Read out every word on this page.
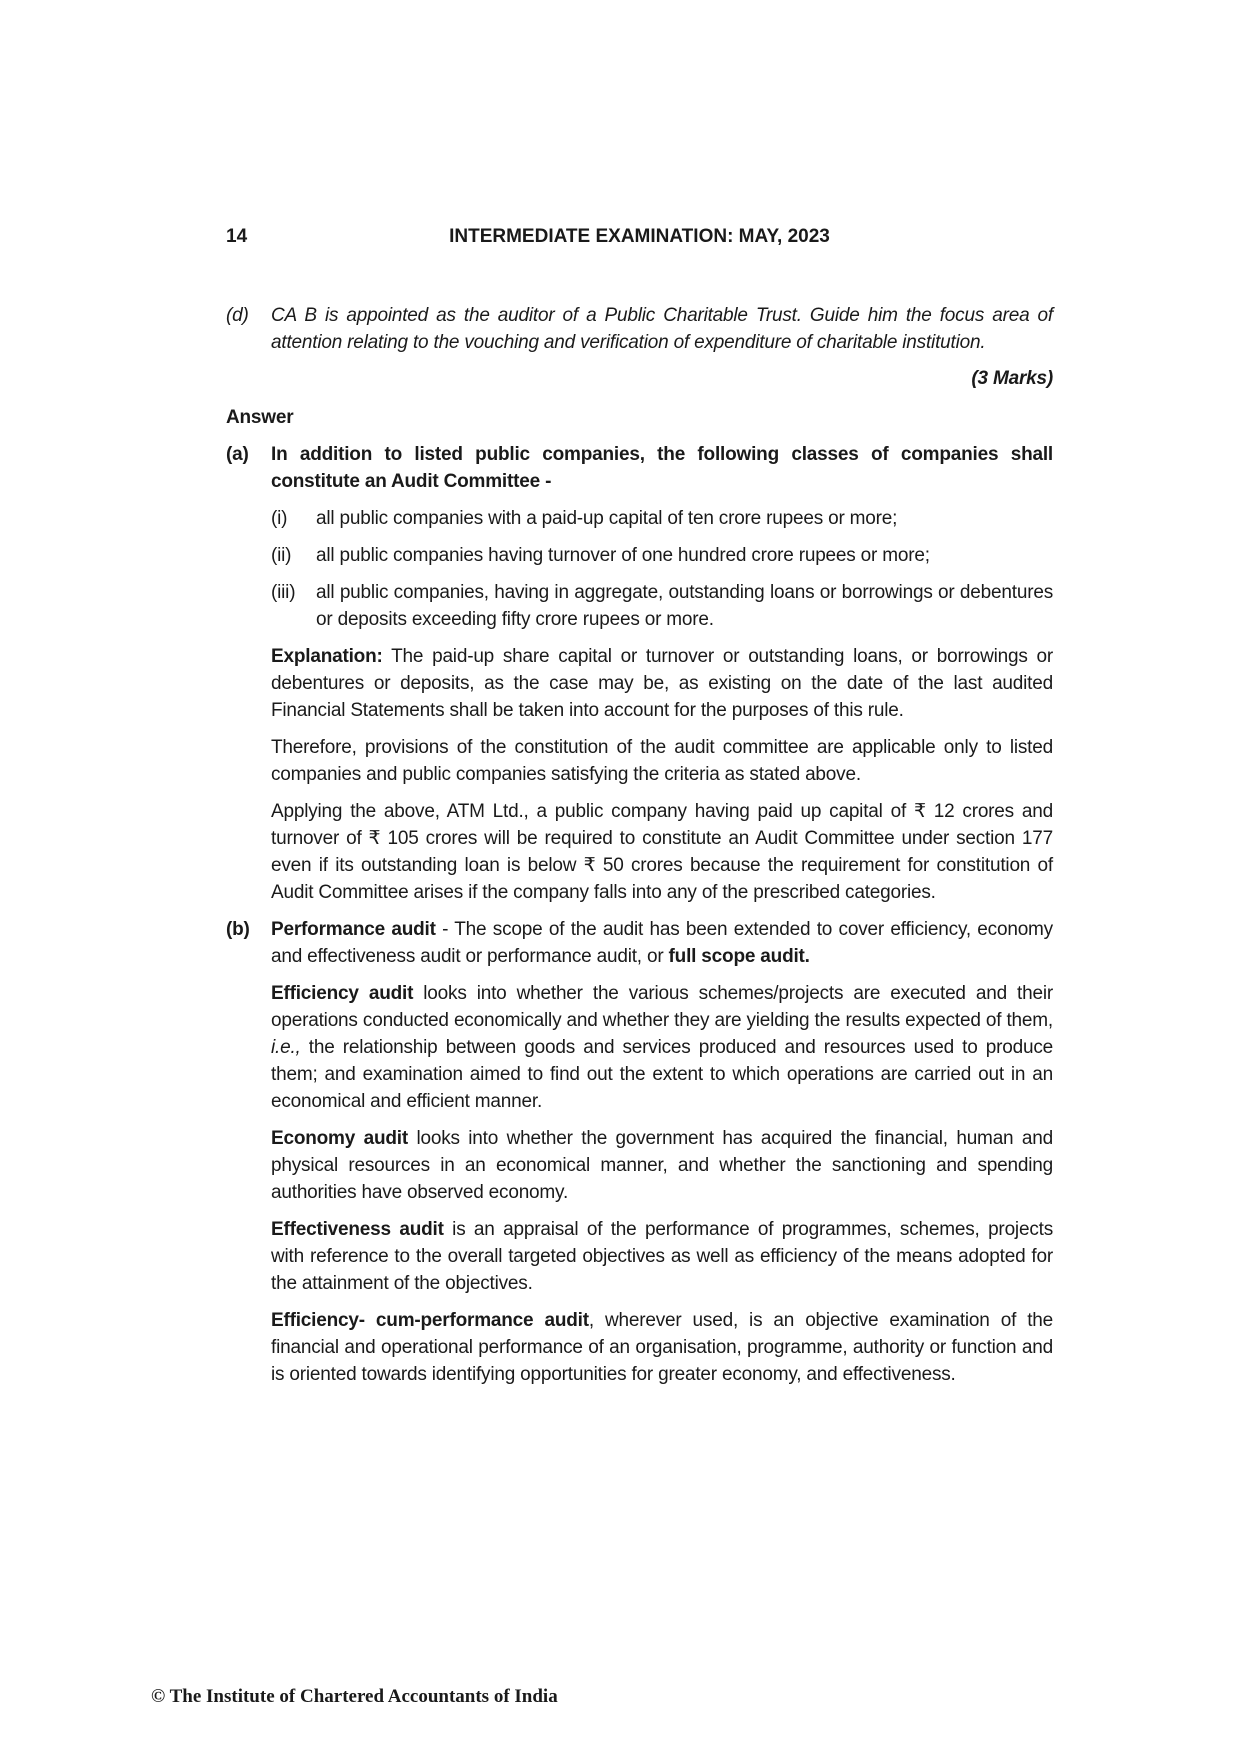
14	INTERMEDIATE EXAMINATION: MAY, 2023
(d)	CA B is appointed as the auditor of a Public Charitable Trust. Guide him the focus area of attention relating to the vouching and verification of expenditure of charitable institution.
(3 Marks)
Answer
(a)	In addition to listed public companies, the following classes of companies shall constitute an Audit Committee -
(i)	all public companies with a paid-up capital of ten crore rupees or more;
(ii)	all public companies having turnover of one hundred crore rupees or more;
(iii)	all public companies, having in aggregate, outstanding loans or borrowings or debentures or deposits exceeding fifty crore rupees or more.
Explanation: The paid-up share capital or turnover or outstanding loans, or borrowings or debentures or deposits, as the case may be, as existing on the date of the last audited Financial Statements shall be taken into account for the purposes of this rule.
Therefore, provisions of the constitution of the audit committee are applicable only to listed companies and public companies satisfying the criteria as stated above.
Applying the above, ATM Ltd., a public company having paid up capital of ₹ 12 crores and turnover of ₹ 105 crores will be required to constitute an Audit Committee under section 177 even if its outstanding loan is below ₹ 50 crores because the requirement for constitution of Audit Committee arises if the company falls into any of the prescribed categories.
(b)	Performance audit - The scope of the audit has been extended to cover efficiency, economy and effectiveness audit or performance audit, or full scope audit.
Efficiency audit looks into whether the various schemes/projects are executed and their operations conducted economically and whether they are yielding the results expected of them, i.e., the relationship between goods and services produced and resources used to produce them; and examination aimed to find out the extent to which operations are carried out in an economical and efficient manner.
Economy audit looks into whether the government has acquired the financial, human and physical resources in an economical manner, and whether the sanctioning and spending authorities have observed economy.
Effectiveness audit is an appraisal of the performance of programmes, schemes, projects with reference to the overall targeted objectives as well as efficiency of the means adopted for the attainment of the objectives.
Efficiency- cum-performance audit, wherever used, is an objective examination of the financial and operational performance of an organisation, programme, authority or function and is oriented towards identifying opportunities for greater economy, and effectiveness.
© The Institute of Chartered Accountants of India
